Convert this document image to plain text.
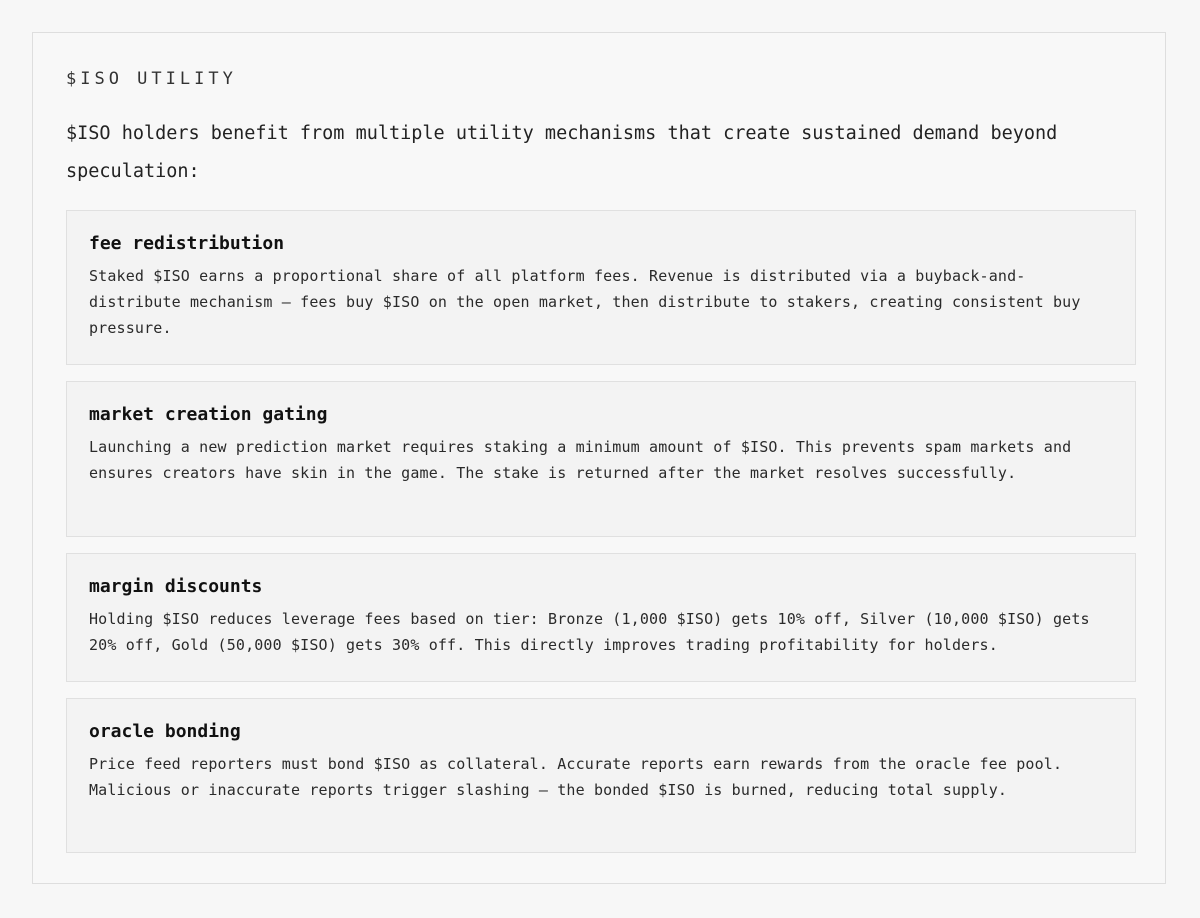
$ISO UTILITY
$ISO holders benefit from multiple utility mechanisms that create sustained demand beyond speculation:
fee redistribution

Staked $ISO earns a proportional share of all platform fees. Revenue is distributed via a buyback-and-distribute mechanism — fees buy $ISO on the open market, then distribute to stakers, creating consistent buy pressure.

market creation gating

Launching a new prediction market requires staking a minimum amount of $ISO. This prevents spam markets and ensures creators have skin in the game. The stake is returned after the market resolves successfully.

margin discounts

Holding $ISO reduces leverage fees based on tier: Bronze (1,000 $ISO) gets 10% off, Silver (10,000 $ISO) gets 20% off, Gold (50,000 $ISO) gets 30% off. This directly improves trading profitability for holders.

oracle bonding

Price feed reporters must bond $ISO as collateral. Accurate reports earn rewards from the oracle fee pool. Malicious or inaccurate reports trigger slashing — the bonded $ISO is burned, reducing total supply.
